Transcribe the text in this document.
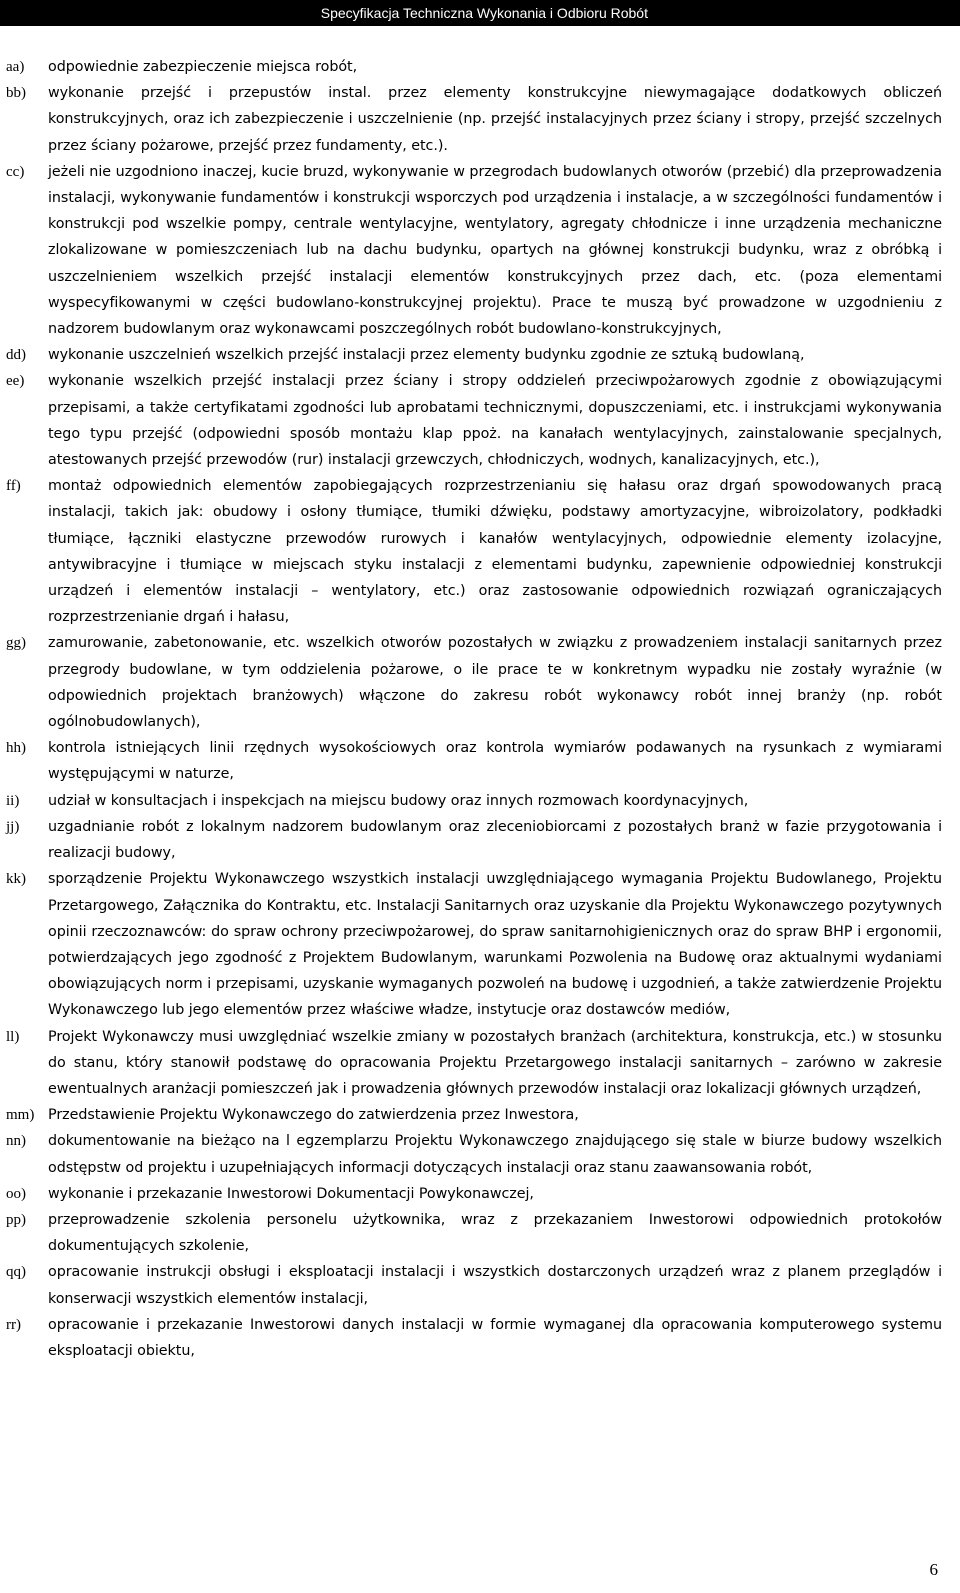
Specyfikacja Techniczna Wykonania i Odbioru Robót
aa) odpowiednie zabezpieczenie miejsca robót,
bb) wykonanie przejść i przepustów instal. przez elementy konstrukcyjne niewymagające dodatkowych obliczeń konstrukcyjnych, oraz ich zabezpieczenie i uszczelnienie (np. przejść instalacyjnych przez ściany i stropy, przejść szczelnych przez ściany pożarowe, przejść przez fundamenty, etc.).
cc) jeżeli nie uzgodniono inaczej, kucie bruzd, wykonywanie w przegrodach budowlanych otworów (przebić) dla przeprowadzenia instalacji, wykonywanie fundamentów i konstrukcji wsporczych pod urządzenia i instalacje, a w szczególności fundamentów i konstrukcji pod wszelkie pompy, centrale wentylacyjne, wentylatory, agregaty chłodnicze i inne urządzenia mechaniczne zlokalizowane w pomieszczeniach lub na dachu budynku, opartych na głównej konstrukcji budynku, wraz z obróbką i uszczelnieniem wszelkich przejść instalacji elementów konstrukcyjnych przez dach, etc. (poza elementami wyspecyfikowanymi w części budowlano-konstrukcyjnej projektu). Prace te muszą być prowadzone w uzgodnieniu z nadzorem budowlanym oraz wykonawcami poszczególnych robót budowlano-konstrukcyjnych,
dd) wykonanie uszczelnień wszelkich przejść instalacji przez elementy budynku zgodnie ze sztuką budowlaną,
ee) wykonanie wszelkich przejść instalacji przez ściany i stropy oddzieleń przeciwpożarowych zgodnie z obowiązującymi przepisami, a także certyfikatami zgodności lub aprobatami technicznymi, dopuszczeniami, etc. i instrukcjami wykonywania tego typu przejść (odpowiedni sposób montażu klap ppoż. na kanałach wentylacyjnych, zainstalowanie specjalnych, atestowanych przejść przewodów (rur) instalacji grzewczych, chłodniczych, wodnych, kanalizacyjnych, etc.),
ff) montaż odpowiednich elementów zapobiegających rozprzestrzenianiu się hałasu oraz drgań spowodowanych pracą instalacji, takich jak: obudowy i osłony tłumiące, tłumiki dźwięku, podstawy amortyzacyjne, wibroizolatory, podkładki tłumiące, łączniki elastyczne przewodów rurowych i kanałów wentylacyjnych, odpowiednie elementy izolacyjne, antywibracyjne i tłumiące w miejscach styku instalacji z elementami budynku, zapewnienie odpowiedniej konstrukcji urządzeń i elementów instalacji – wentylatory, etc.) oraz zastosowanie odpowiednich rozwiązań ograniczających rozprzestrzenianie drgań i hałasu,
gg) zamurowanie, zabetonowanie, etc. wszelkich otworów pozostałych w związku z prowadzeniem instalacji sanitarnych przez przegrody budowlane, w tym oddzielenia pożarowe, o ile prace te w konkretnym wypadku nie zostały wyraźnie (w odpowiednich projektach branżowych) włączone do zakresu robót wykonawcy robót innej branży (np. robót ogólnobudowlanych),
hh) kontrola istniejących linii rzędnych wysokościowych oraz kontrola wymiarów podawanych na rysunkach z wymiarami występującymi w naturze,
ii) udział w konsultacjach i inspekcjach na miejscu budowy oraz innych rozmowach koordynacyjnych,
jj) uzgadnianie robót z lokalnym nadzorem budowlanym oraz zleceniobiorcami z pozostałych branż w fazie przygotowania i realizacji budowy,
kk) sporządzenie Projektu Wykonawczego wszystkich instalacji uwzględniającego wymagania Projektu Budowlanego, Projektu Przetargowego, Załącznika do Kontraktu, etc. Instalacji Sanitarnych oraz uzyskanie dla Projektu Wykonawczego pozytywnych opinii rzeczoznawców: do spraw ochrony przeciwpożarowej, do spraw sanitarnohigienicznych oraz do spraw BHP i ergonomii, potwierdzających jego zgodność z Projektem Budowlanym, warunkami Pozwolenia na Budowę oraz aktualnymi wydaniami obowiązujących norm i przepisami, uzyskanie wymaganych pozwoleń na budowę i uzgodnień, a także zatwierdzenie Projektu Wykonawczego lub jego elementów przez właściwe władze, instytucje oraz dostawców mediów,
ll) Projekt Wykonawczy musi uwzględniać wszelkie zmiany w pozostałych branżach (architektura, konstrukcja, etc.) w stosunku do stanu, który stanowił podstawę do opracowania Projektu Przetargowego instalacji sanitarnych – zarówno w zakresie ewentualnych aranżacji pomieszczeń jak i prowadzenia głównych przewodów instalacji oraz lokalizacji głównych urządzeń,
mm) Przedstawienie Projektu Wykonawczego do zatwierdzenia przez Inwestora,
nn) dokumentowanie na bieżąco na l egzemplarzu Projektu Wykonawczego znajdującego się stale w biurze budowy wszelkich odstępstw od projektu i uzupełniających informacji dotyczących instalacji oraz stanu zaawansowania robót,
oo) wykonanie i przekazanie Inwestorowi Dokumentacji Powykonawczej,
pp) przeprowadzenie szkolenia personelu użytkownika, wraz z przekazaniem Inwestorowi odpowiednich protokołów dokumentujących szkolenie,
qq) opracowanie instrukcji obsługi i eksploatacji instalacji i wszystkich dostarczonych urządzeń wraz z planem przeglądów i konserwacji wszystkich elementów instalacji,
rr) opracowanie i przekazanie Inwestorowi danych instalacji w formie wymaganej dla opracowania komputerowego systemu eksploatacji obiektu,
6
